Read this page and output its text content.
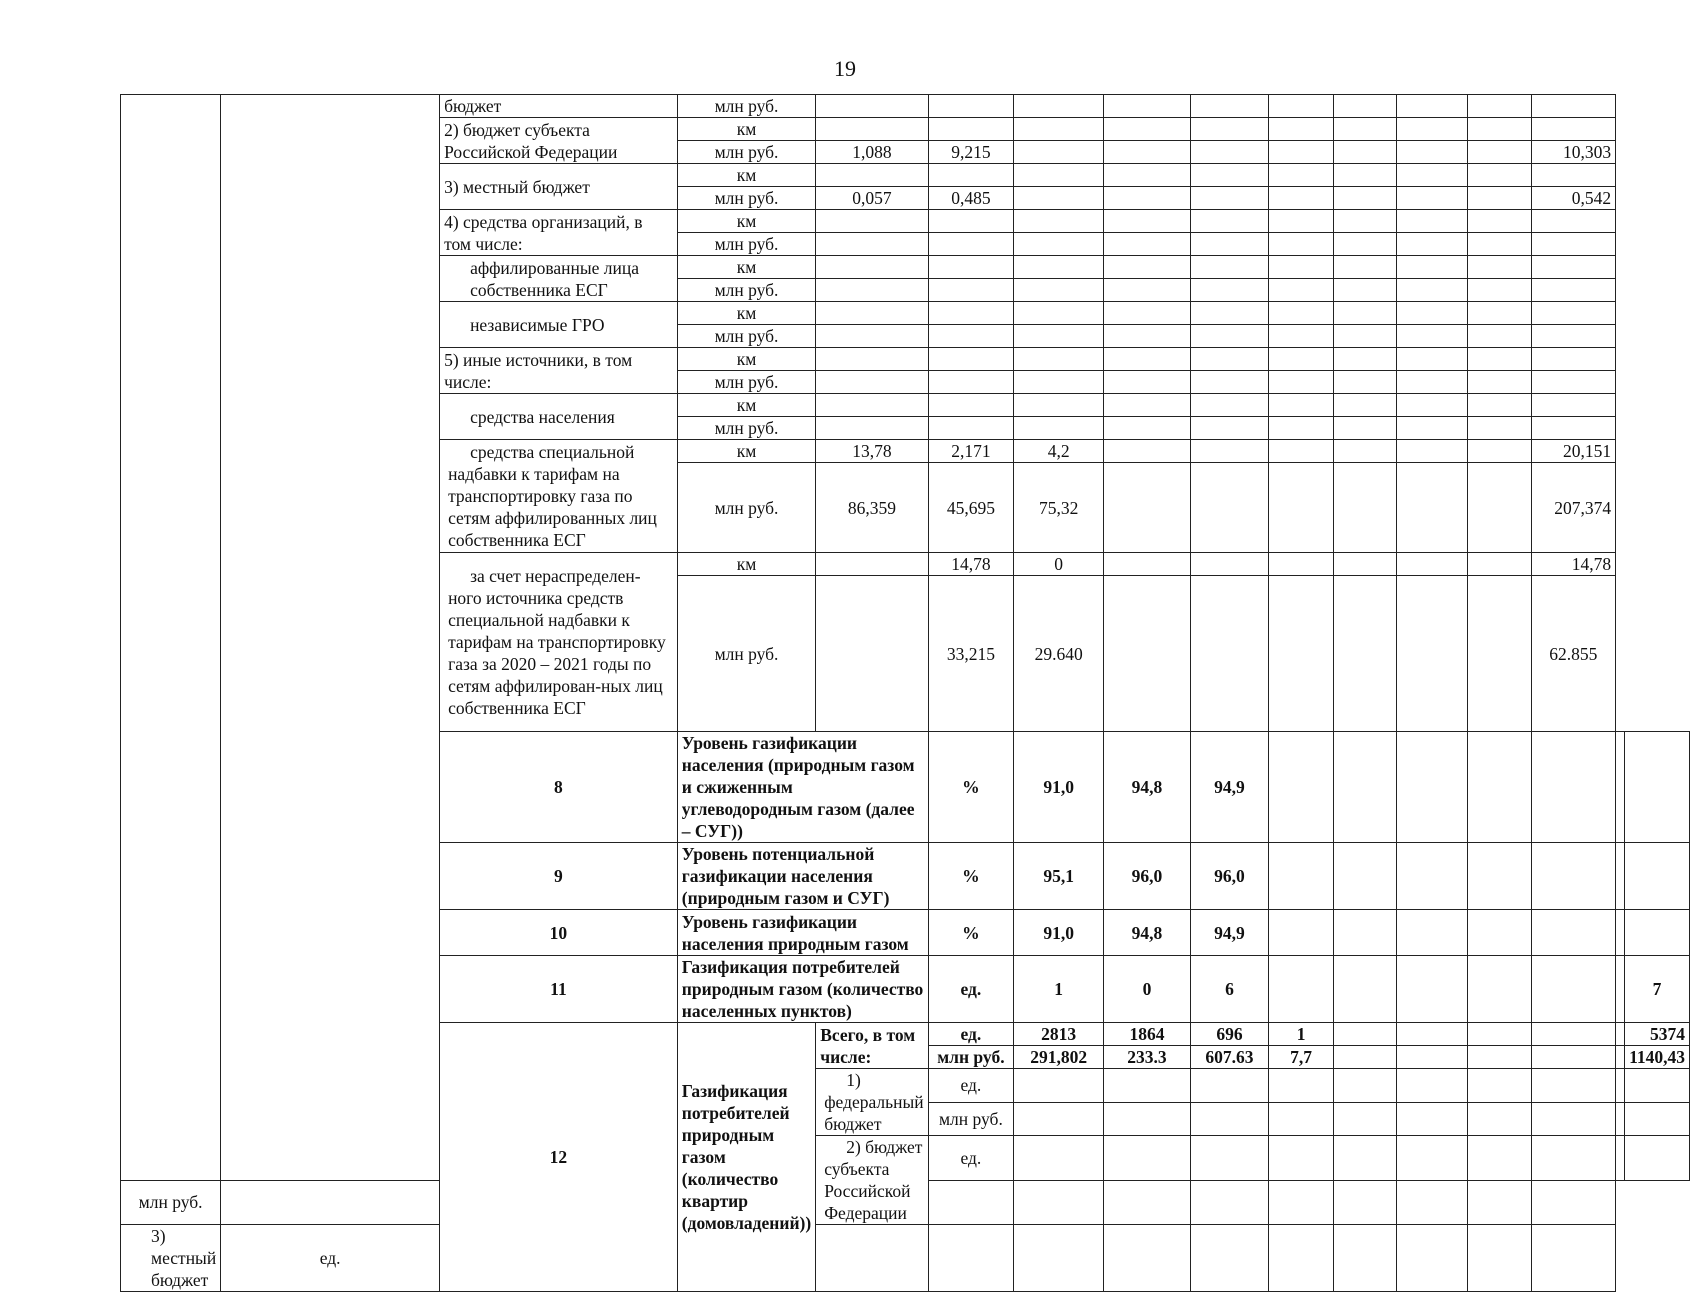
19
		бюджет	млн руб.												
		2) бюджет субъекта Российской Федерации	км												
			млн руб.	1,088	9,215								10,303		
		3) местный бюджет	км												
			млн руб.	0,057	0,485								0,542		
		4) средства организаций, в том числе:	км												
			млн руб.												
		аффилированные лица собственника ЕСГ	км												
			млн руб.												
		независимые ГРО	км												
			млн руб.												
		5) иные источники, в том числе:	км												
			млн руб.												
		средства населения	км												
			млн руб.												
		средства специальной надбавки к тарифам на транспортировку газа по сетям аффилированных лиц собственника ЕСГ	км	13,78	2,171	4,2							20,151		
			млн руб.	86,359	45,695	75,32							207,374		
		за счет нераспределен-ного источника средств специальной надбавки к тарифам на транспортировку газа за 2020 – 2021 годы по сетям аффилирован-ных лиц собственника ЕСГ	км		14,78	0							14,78		
			млн руб.		33,215	29.640							62.855		
		8	Уровень газификации населения (природным газом и сжиженным углеводородным газом (далее – СУГ))		%	91,0	94,8	94,9							
		9	Уровень потенциальной газификации населения (природным газом и СУГ)		%	95,1	96,0	96,0							
		10	Уровень газификации населения природным газом		%	91,0	94,8	94,9							
		11	Газификация потребителей природным газом (количество населенных пунктов)		ед.	1	0	6							7
		12	Газификация потребителей природным газом (количество квартир (домовладений))	Всего, в том числе:	ед.	2813	1864	696	1						5374
					млн руб.	291,802	233.3	607.63	7,7						1140,43
				1) федеральный бюджет	ед.										
					млн руб.										
				2) бюджет субъекта Российской Федерации	ед.										
млн руб.															
3) местный бюджет	ед.														
